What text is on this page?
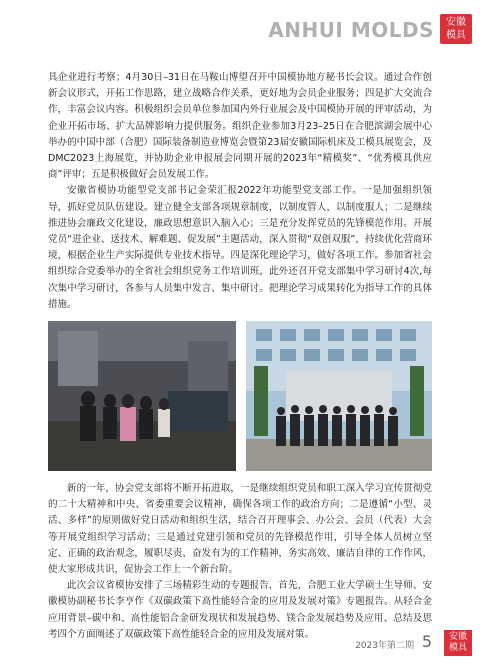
ANHUI MOLDS 安徽
模具

具企业进行考察；4月30日–31日在马鞍山博望召开中国模协地方秘书长会议。通过合作创新会议形式，开拓工作思路，建立战略合作关系，更好地为会员企业服务；四是扩大交流合作，丰富会议内容。积极组织会员单位参加国内外行业展会及中国模协开展的评审活动，为企业开拓市场、扩大品牌影响力提供服务。组织企业参加3月23–25日在合肥滨湖会展中心举办的中国中部（合肥）国际装备制造业博览会暨第23届安徽国际机床及工模具展览会，及DMC2023上海展览，并协助企业申报展会同期开展的2023年“精模奖”、“优秀模具供应商”评审；五是积极做好会员发展工作。

安徽省模协功能型党支部书记金荣汇报2022年功能型党支部工作。一是加强组织领导，抓好党员队伍建设。建立健全支部各项规章制度，以制度管人，以制度服人；二是继续推进协会廉政文化建设，廉政思想意识入脑入心；三是充分发挥党员的先锋模范作用。开展党员“进企业、送技术、解难题、促发展”主题活动，深入贯彻“双创双服”，持续优化营商环境，根据企业生产实际提供专业技术指导。四是深化理论学习，做好各项工作。参加省社会组织综合党委举办的全省社会组织党务工作培训班，此外还召开党支部集中学习研讨4次,每次集中学习研讨，各参与人员集中发言、集中研讨。把理论学习成果转化为指导工作的具体措施。

新的一年，协会党支部将不断开拓进取，一是继续组织党员和职工深入学习宣传贯彻党的二十大精神和中央、省委重要会议精神，确保各项工作的政治方向；二是遵循“小型、灵活、多样”的原则做好党日活动和组织生活，结合召开理事会、办公会、会员（代表）大会等开展党组织学习活动；三是通过党建引领和党员的先锋模范作用，引导全体人员树立坚定、正确的政治观念，履职尽责、奋发有为的工作精神，务实高效、廉洁自律的工作作风，使大家形成共识，促协会工作上一个新台阶。

此次会议省模协安排了三场精彩生动的专题报告，首先，合肥工业大学硕士生导师、安徽模协副秘书长李亨作《双碳政策下高性能轻合金的应用及发展对策》专题报告。从轻合金应用背景–碳中和、高性能铝合金研发现状和发展趋势、镁合金发展趋势及应用、总结及思考四个方面阐述了双碳政策下高性能轻合金的应用及发展对策。

2023年第二期 5 安徽
模具
